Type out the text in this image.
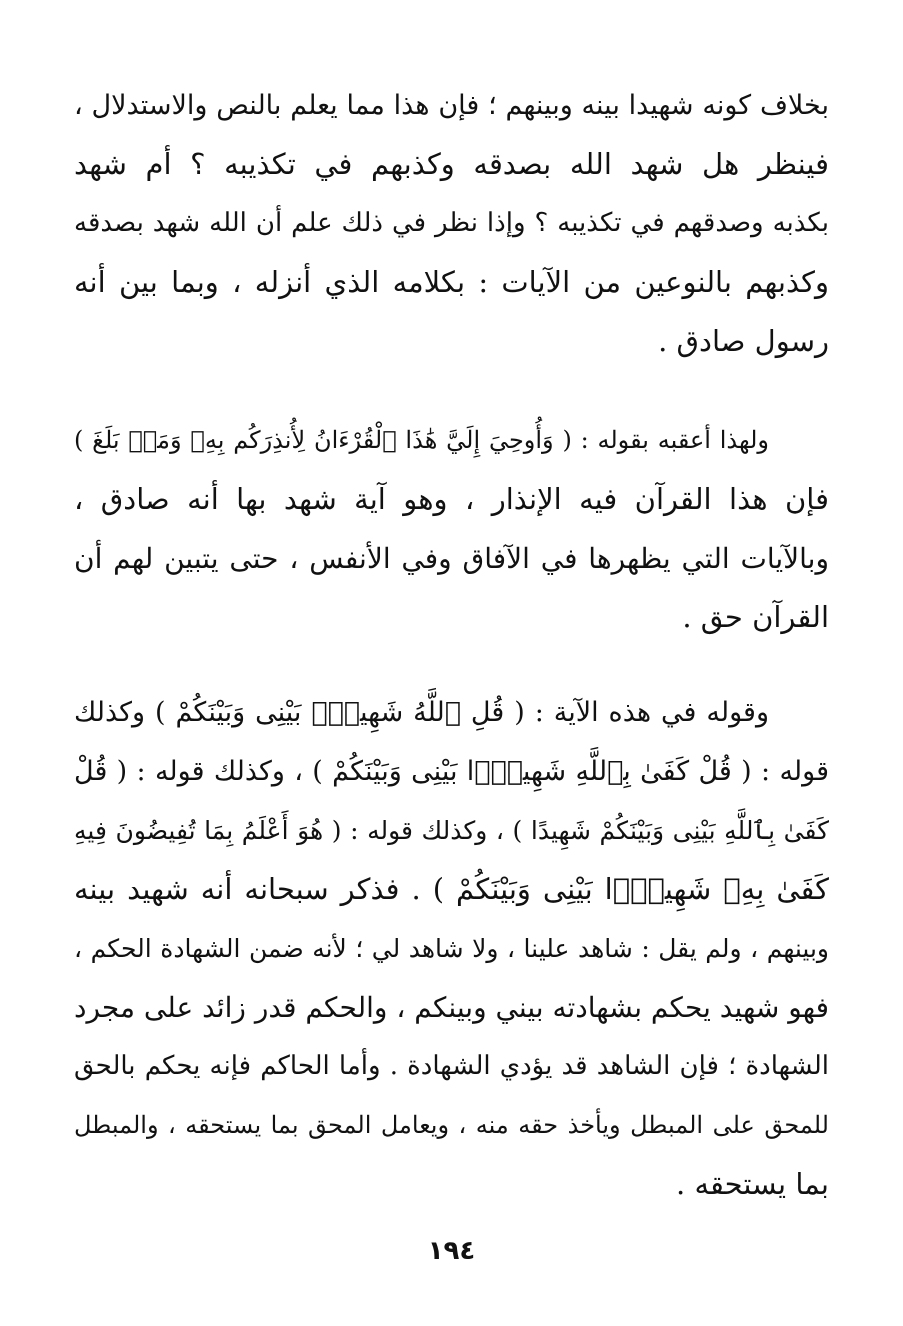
بخلاف كونه شهيدا بينه وبينهم ؛ فإن هذا مما يعلم بالنص والاستدلال ،
فينظر هل شهد الله بصدقه وكذبهم في تكذيبه ؟ أم شهد
بكذبه وصدقهم في تكذيبه ؟ وإذا نظر في ذلك علم أن الله شهد بصدقه
وكذبهم بالنوعين من الآيات : بكلامه الذي أنزله ، وبما بين أنه
رسول صادق .
ولهذا أعقبه بقوله : ( وَأُوحِيَ إِلَيَّ هَٰذَا ٱلْقُرْءَانُ لِأُنذِرَكُم بِهِۦ وَمَنۢ بَلَغَ )
فإن هذا القرآن فيه الإنذار ، وهو آية شهد بها أنه صادق ،
وبالآيات التي يظهرها في الآفاق وفي الأنفس ، حتى يتبين لهم أن
القرآن حق .
وقوله في هذه الآية : ( قُلِ ٱللَّهُ شَهِيدٌۢ بَيْنِى وَبَيْنَكُمْ ) وكذلك
قوله : ( قُلْ كَفَىٰ بِٱللَّهِ شَهِيدًۢا بَيْنِى وَبَيْنَكُمْ ) ، وكذلك قوله : ( قُلْ
كَفَىٰ بِٱللَّهِ بَيْنِى وَبَيْنَكُمْ شَهِيدًا ) ، وكذلك قوله : ( هُوَ أَعْلَمُ بِمَا تُفِيضُونَ فِيهِ
كَفَىٰ بِهِۦ شَهِيدًۢا بَيْنِى وَبَيْنَكُمْ ) . فذكر سبحانه أنه شهيد بينه
وبينهم ، ولم يقل : شاهد علينا ، ولا شاهد لي ؛ لأنه ضمن الشهادة الحكم ،
فهو شهيد يحكم بشهادته بيني وبينكم ، والحكم قدر زائد على مجرد
الشهادة ؛ فإن الشاهد قد يؤدي الشهادة . وأما الحاكم فإنه يحكم بالحق
للمحق على المبطل ويأخذ حقه منه ، ويعامل المحق بما يستحقه ، والمبطل
بما يستحقه .
١٩٤
